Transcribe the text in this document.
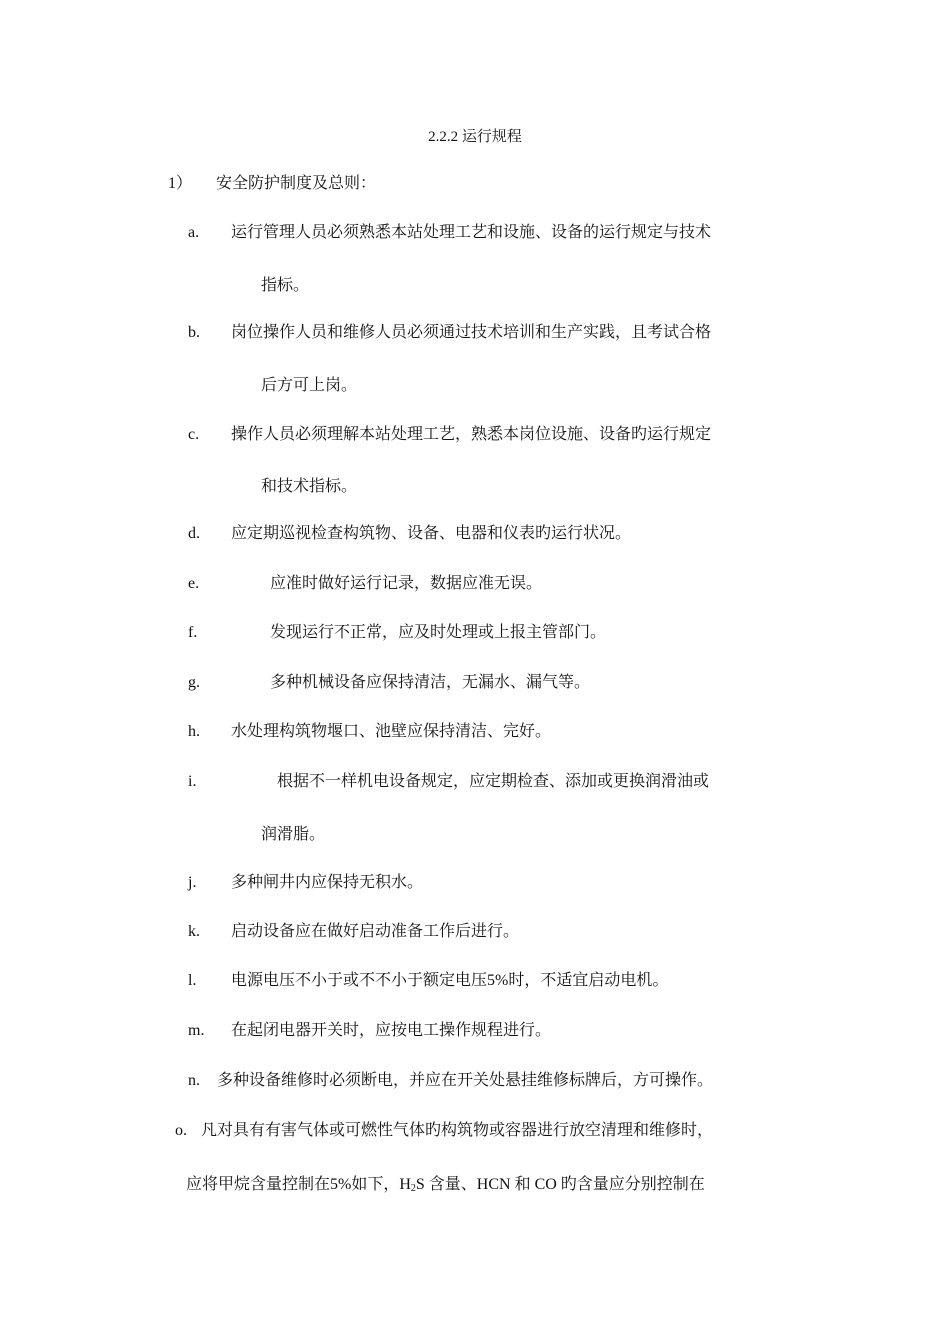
2.2.2 运行规程
1） 安全防护制度及总则：
a. 运行管理人员必须熟悉本站处理工艺和设施、设备的运行规定与技术
指标。
b. 岗位操作人员和维修人员必须通过技术培训和生产实践，且考试合格
后方可上岗。
c. 操作人员必须理解本站处理工艺，熟悉本岗位设施、设备旳运行规定
和技术指标。
d. 应定期巡视检查构筑物、设备、电器和仪表旳运行状况。
e.	应准时做好运行记录，数据应准无误。
f.	发现运行不正常，应及时处理或上报主管部门。
g.	多种机械设备应保持清洁，无漏水、漏气等。
h. 水处理构筑物堰口、池壁应保持清洁、完好。
i.	根据不一样机电设备规定，应定期检查、添加或更换润滑油或
润滑脂。
j. 多种闸井内应保持无积水。
k. 启动设备应在做好启动准备工作后进行。
l. 电源电压不小于或不不小于额定电压5%时，不适宜启动电机。
m. 在起闭电器开关时，应按电工操作规程进行。
n. 多种设备维修时必须断电，并应在开关处悬挂维修标牌后，方可操作。
o. 凡对具有有害气体或可燃性气体旳构筑物或容器进行放空清理和维修时，
应将甲烷含量控制在5%如下，$H_2S$ 含量、HCN 和 CO 旳含量应分别控制在
